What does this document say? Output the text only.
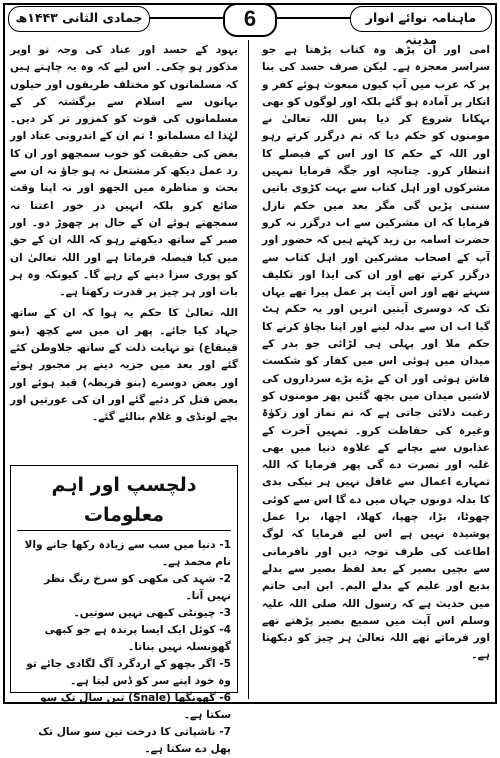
ماہنامہ نوائے انوار مدینہ
6
جمادی الثانی ۱۴۴۳ھ

امی اور ان پڑھ وہ کتاب پڑھتا ہے جو سراسر معجزہ ہے۔ لیکن صرف حسد کی بنا پر کہ عرب میں آپ کیوں مبعوث ہوئے کفر و انکار پر آمادہ ہو گئے بلکہ اور لوگوں کو بھی بہکانا شروع کر دیا پس اللہ تعالیٰ نے مومنوں کو حکم دیا کہ تم درگزر کرتے رہو اور اللہ کے حکم کا اور اس کے فیصلے کا انتظار کرو۔ چنانچہ اور جگہ فرمایا تمہیں مشرکوں اور اہل کتاب سے بہت کڑوی باتیں سننی پڑیں گی مگر بعد میں حکم نازل فرمایا کہ ان مشرکین سے اب درگزر نہ کرو حضرت اسامہ بن زید کہتے ہیں کہ حضور اور آپ کے اصحاب مشرکین اور اہل کتاب سے درگزر کرتے تھے اور ان کی ایذا اور تکلیف سہتے تھے اور اس آیت پر عمل پیرا تھے یہاں تک کہ دوسری آیتیں اتریں اور یہ حکم ہٹ گیا اب ان سے بدلہ لینے اور اپنا بچاؤ کرنے کا حکم ملا اور پہلی ہی لڑائی جو بدر کے میدان میں ہوئی اس میں کفار کو شکست فاش ہوئی اور ان کے بڑے بڑے سرداروں کی لاشیں میدان میں بچھ گئیں پھر مومنوں کو رغبت دلائی جاتی ہے کہ تم نماز اور زکوٰۃ وغیرہ کی حفاظت کرو۔ تمہیں آخرت کے عذابوں سے بچانے کے علاوہ دنیا میں بھی غلبہ اور نصرت دے گی پھر فرمایا کہ اللہ تمہارے اعمال سے غافل نہیں ہر نیکی بدی کا بدلہ دونوں جہاں میں دے گا اس سے کوئی چھوٹا، بڑا، چھپا، کھلا، اچھا، برا عمل پوشیدہ نہیں ہے اس لیے فرمایا کہ لوگ اطاعت کی طرف توجہ دیں اور نافرمانی سے بچیں بصیر کے بعد لفظ بصیر سے بدلے بدیع اور علیم کے بدلے الیم۔ ابن ابی حاتم میں حدیث ہے کہ رسول اللہ صلی اللہ علیہ وسلم اس آیت میں سمیع بصیر پڑھتے تھے اور فرماتے تھے اللہ تعالیٰ ہر چیز کو دیکھتا ہے۔

یہود کے حسد اور عناد کی وجہ تو اوپر مذکور ہو چکی۔ اس لیے کہ وہ یہ چاہتے ہیں کہ مسلمانوں کو مختلف طریقوں اور حیلوں بہانوں سے اسلام سے برگشتہ کر کے مسلمانوں کی قوت کو کمزور تر کر دیں۔ لہٰذا اے مسلمانو ! تم ان کے اندرونی عناد اور بغض کی حقیقت کو خوب سمجھو اور ان کا رد عمل دیکھ کر مشتعل نہ ہو جاؤ نہ ان سے بحث و مناظرہ میں الجھو اور نہ اپنا وقت ضائع کرو بلکہ انہیں در خور اعتنا نہ سمجھتے ہوئے ان کے حال پر چھوڑ دو۔ اور صبر کے ساتھ دیکھتے رہو کہ اللہ ان کے حق میں کیا فیصلہ فرماتا ہے اور اللہ تعالیٰ ان کو پوری سزا دینے کے رہے گا۔ کیونکہ وہ ہر بات اور ہر چیز پر قدرت رکھتا ہے۔

اللہ تعالیٰ کا حکم یہ ہوا کہ ان کے ساتھ جہاد کیا جائے۔ پھر ان میں سے کچھ (بنو قینقاع) تو نہایت ذلت کے ساتھ جلاوطن کئے گئے اور بعد میں جزیہ دینے پر مجبور ہوئے اور بعض دوسرے (بنو قریظہ) قید ہوئے اور بعض قتل کر دئیے گئے اور ان کی عورتیں اور بچے لونڈی و غلام بنالئے گئے۔

دلچسپ اور اہم معلومات

1- دنیا میں سب سے زیادہ رکھا جانے والا نام محمد ہے۔

2- شہد کی مکھی کو سرخ رنگ نظر نہیں آتا۔

3- چیونٹی کبھی نہیں سوتیں۔

4- کوئل ایک ایسا پرندہ ہے جو کبھی گھونسلہ نہیں بناتا۔

5- اگر بچھو کے اردگرد آگ لگادی جائے تو وہ خود اپنے سر کو ڈس لیتا ہے۔

6- گھونگھا (Snale) تین سال تک سو سکتا ہے۔

7- ناشپاتی کا درخت تین سو سال تک پھل دے سکتا ہے۔
